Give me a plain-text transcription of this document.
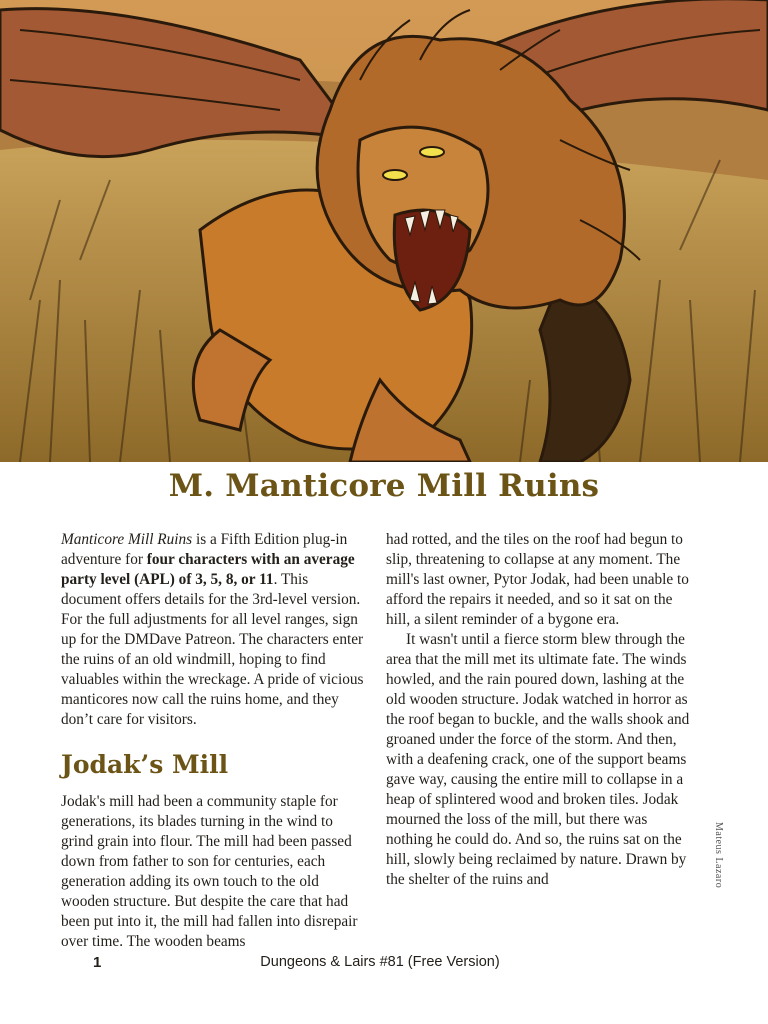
M. Manticore Mill Ruins

Manticore Mill Ruins is a Fifth Edition plug-in adventure for four characters with an average party level (APL) of 3, 5, 8, or 11. This document offers details for the 3rd-level version. For the full adjustments for all level ranges, sign up for the DMDave Patreon. The characters enter the ruins of an old windmill, hoping to find valuables within the wreckage. A pride of vicious manticores now call the ruins home, and they don’t care for visitors.

Jodak’s Mill

Jodak's mill had been a community staple for generations, its blades turning in the wind to grind grain into flour. The mill had been passed down from father to son for centuries, each generation adding its own touch to the old wooden structure. But despite the care that had been put into it, the mill had fallen into disrepair over time. The wooden beams

had rotted, and the tiles on the roof had begun to slip, threatening to collapse at any moment. The mill's last owner, Pytor Jodak, had been unable to afford the repairs it needed, and so it sat on the hill, a silent reminder of a bygone era.

It wasn't until a fierce storm blew through the area that the mill met its ultimate fate. The winds howled, and the rain poured down, lashing at the old wooden structure. Jodak watched in horror as the roof began to buckle, and the walls shook and groaned under the force of the storm. And then, with a deafening crack, one of the support beams gave way, causing the entire mill to collapse in a heap of splintered wood and broken tiles. Jodak mourned the loss of the mill, but there was nothing he could do. And so, the ruins sat on the hill, slowly being reclaimed by nature. Drawn by the shelter of the ruins and	Mateus Lazaro
1	Dungeons & Lairs #81 (Free Version)
